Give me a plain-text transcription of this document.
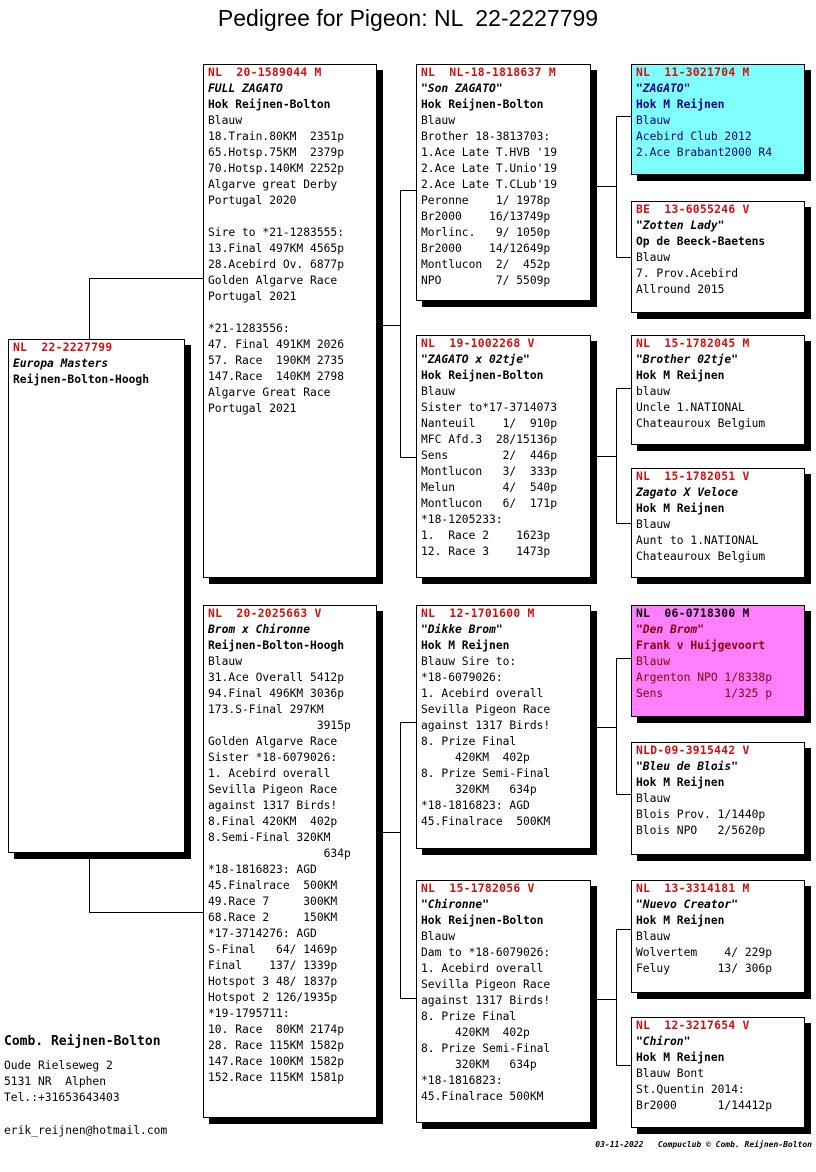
Pedigree for Pigeon: NL  22-2227799
NL  22-2227799
Europa Masters
Reijnen-Bolton-Hoogh
NL  20-1589044 M
FULL ZAGATO
Hok Reijnen-Bolton
Blauw
18.Train.80KM  2351p
65.Hotsp.75KM  2379p
70.Hotsp.140KM 2252p
Algarve great Derby
Portugal 2020
Sire to *21-1283555:
13.Final 497KM 4565p
28.Acebird Ov. 6877p
Golden Algarve Race
Portugal 2021
*21-1283556:
47. Final 491KM 2026
57. Race  190KM 2735
147.Race  140KM 2798
Algarve Great Race
Portugal 2021
NL  20-2025663 V
Brom x Chironne
Reijnen-Bolton-Hoogh
Blauw
31.Ace Overall 5412p
94.Final 496KM 3036p
173.S-Final 297KM
3915p
Golden Algarve Race
Sister *18-6079026:
1. Acebird overall
Sevilla Pigeon Race
against 1317 Birds!
8.Final 420KM  402p
8.Semi-Final 320KM
634p
*18-1816823: AGD
45.Finalrace  500KM
49.Race 7     300KM
68.Race 2     150KM
*17-3714276: AGD
S-Final   64/ 1469p
Final    137/ 1339p
Hotspot 3 48/ 1837p
Hotspot 2 126/1935p
*19-1795711:
10. Race  80KM 2174p
28. Race 115KM 1582p
147.Race 100KM 1582p
152.Race 115KM 1581p
NL  NL-18-1818637 M
"Son ZAGATO"
Hok Reijnen-Bolton
Blauw
Brother 18-3813703:
1.Ace Late T.HVB '19
2.Ace Late T.Unio'19
2.Ace Late T.CLub'19
Peronne    1/ 1978p
Br2000    16/13749p
Morlinc.   9/ 1050p
Br2000    14/12649p
Montlucon  2/  452p
NPO        7/ 5509p
NL  19-1002268 V
"ZAGATO x 02tje"
Hok Reijnen-Bolton
Blauw
Sister to*17-3714073
Nanteuil    1/  910p
MFC Afd.3  28/15136p
Sens        2/  446p
Montlucon   3/  333p
Melun       4/  540p
Montlucon   6/  171p
*18-1205233:
1.  Race 2    1623p
12. Race 3    1473p
NL  12-1701600 M
"Dikke Brom"
Hok M Reijnen
Blauw Sire to:
*18-6079026:
1. Acebird overall
Sevilla Pigeon Race
against 1317 Birds!
8. Prize Final
420KM  402p
8. Prize Semi-Final
320KM   634p
*18-1816823: AGD
45.Finalrace  500KM
NL  15-1782056 V
"Chironne"
Hok Reijnen-Bolton
Blauw
Dam to *18-6079026:
1. Acebird overall
Sevilla Pigeon Race
against 1317 Birds!
8. Prize Final
420KM  402p
8. Prize Semi-Final
320KM   634p
*18-1816823:
45.Finalrace 500KM
NL  11-3021704 M
"ZAGATO"
Hok M Reijnen
Blauw
Acebird Club 2012
2.Ace Brabant2000 R4
BE  13-6055246 V
"Zotten Lady"
Op de Beeck-Baetens
Blauw
7. Prov.Acebird
Allround 2015
NL  15-1782045 M
"Brother 02tje"
Hok M Reijnen
blauw
Uncle 1.NATIONAL
Chateauroux Belgium
NL  15-1782051 V
Zagato X Veloce
Hok M Reijnen
Blauw
Aunt to 1.NATIONAL
Chateauroux Belgium
NL  06-0718300 M
"Den Brom"
Frank v Huijgevoort
Blauw
Argenton NPO 1/8338p
Sens         1/325 p
NLD-09-3915442 V
"Bleu de Blois"
Hok M Reijnen
Blauw
Blois Prov. 1/1440p
Blois NPO   2/5620p
NL  13-3314181 M
"Nuevo Creator"
Hok M Reijnen
Blauw
Wolvertem    4/ 229p
Feluy       13/ 306p
NL  12-3217654 V
"Chiron"
Hok M Reijnen
Blauw Bont
St.Quentin 2014:
Br2000      1/14412p
Comb. Reijnen-Bolton
Oude Rielseweg 2
5131 NR  Alphen
Tel.:+31653643403
erik_reijnen@hotmail.com
03-11-2022   Compuclub © Comb. Reijnen-Bolton
